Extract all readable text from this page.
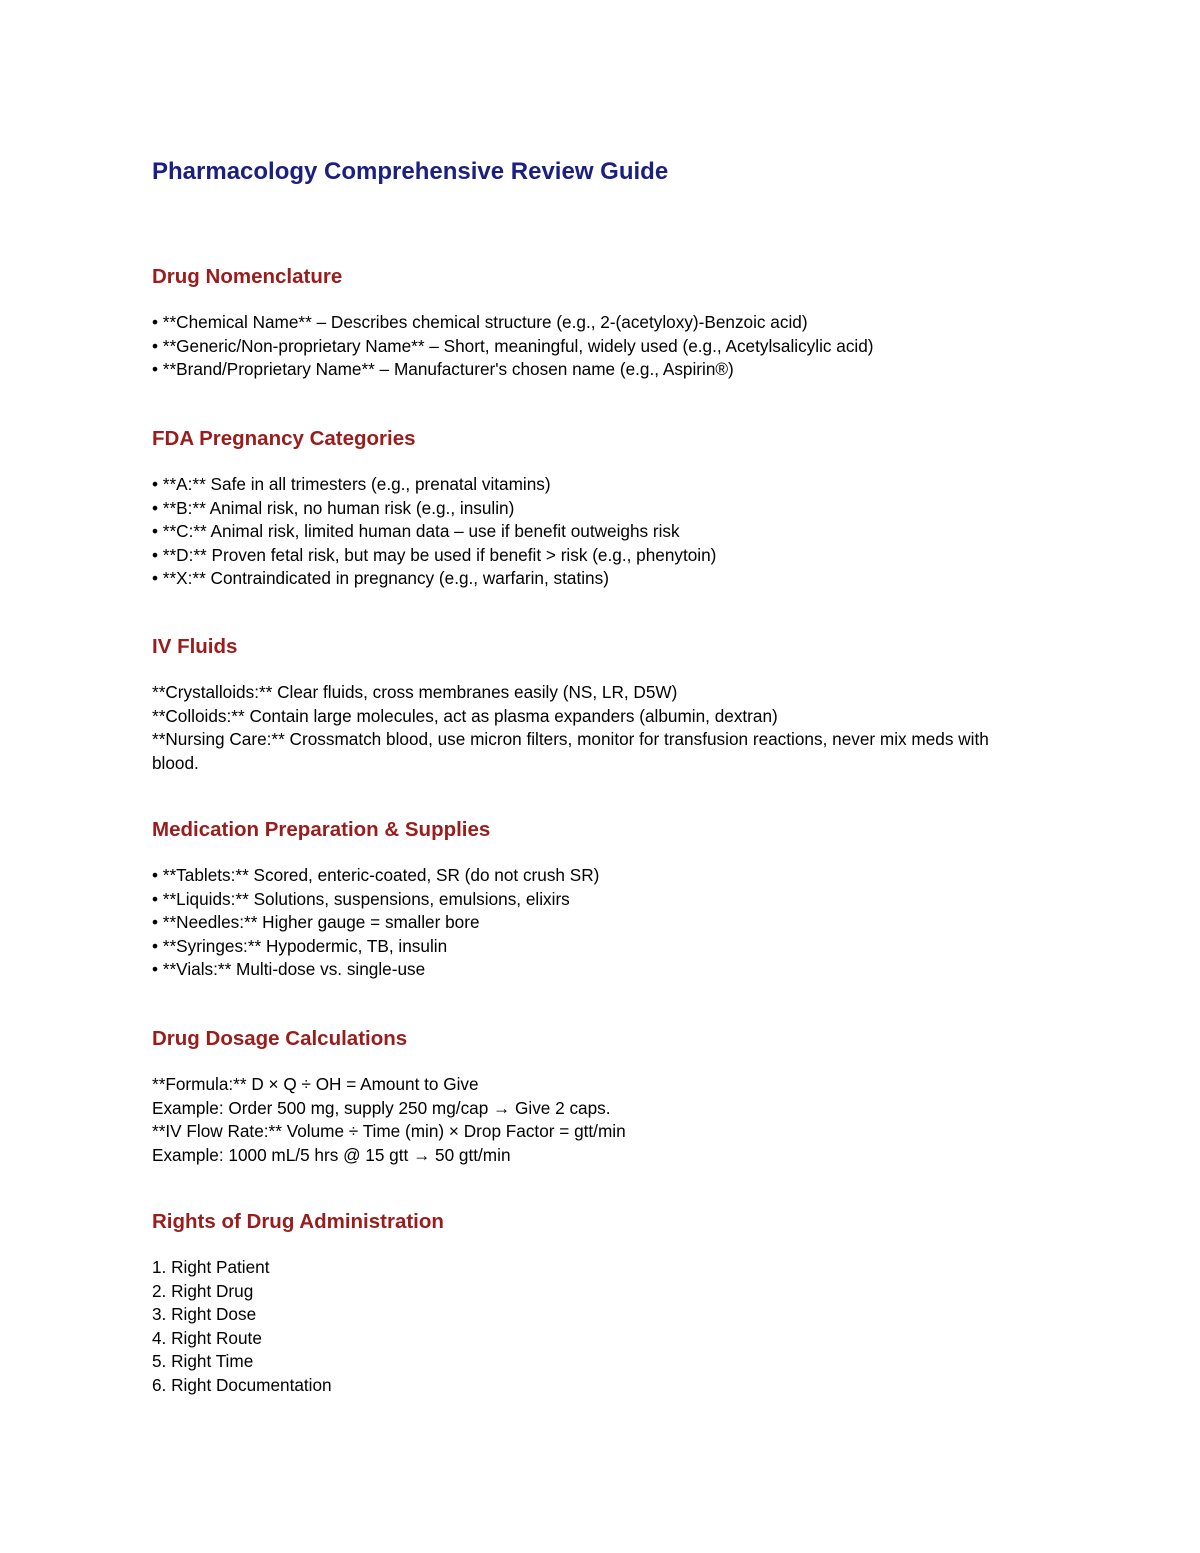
Pharmacology Comprehensive Review Guide
Drug Nomenclature
• **Chemical Name** – Describes chemical structure (e.g., 2-(acetyloxy)-Benzoic acid)
• **Generic/Non-proprietary Name** – Short, meaningful, widely used (e.g., Acetylsalicylic acid)
• **Brand/Proprietary Name** – Manufacturer's chosen name (e.g., Aspirin®)
FDA Pregnancy Categories
• **A:** Safe in all trimesters (e.g., prenatal vitamins)
• **B:** Animal risk, no human risk (e.g., insulin)
• **C:** Animal risk, limited human data – use if benefit outweighs risk
• **D:** Proven fetal risk, but may be used if benefit > risk (e.g., phenytoin)
• **X:** Contraindicated in pregnancy (e.g., warfarin, statins)
IV Fluids
**Crystalloids:** Clear fluids, cross membranes easily (NS, LR, D5W)
**Colloids:** Contain large molecules, act as plasma expanders (albumin, dextran)
**Nursing Care:** Crossmatch blood, use micron filters, monitor for transfusion reactions, never mix meds with blood.
Medication Preparation & Supplies
• **Tablets:** Scored, enteric-coated, SR (do not crush SR)
• **Liquids:** Solutions, suspensions, emulsions, elixirs
• **Needles:** Higher gauge = smaller bore
• **Syringes:** Hypodermic, TB, insulin
• **Vials:** Multi-dose vs. single-use
Drug Dosage Calculations
**Formula:** D × Q ÷ OH = Amount to Give
Example: Order 500 mg, supply 250 mg/cap → Give 2 caps.
**IV Flow Rate:** Volume ÷ Time (min) × Drop Factor = gtt/min
Example: 1000 mL/5 hrs @ 15 gtt → 50 gtt/min
Rights of Drug Administration
1. Right Patient
2. Right Drug
3. Right Dose
4. Right Route
5. Right Time
6. Right Documentation
